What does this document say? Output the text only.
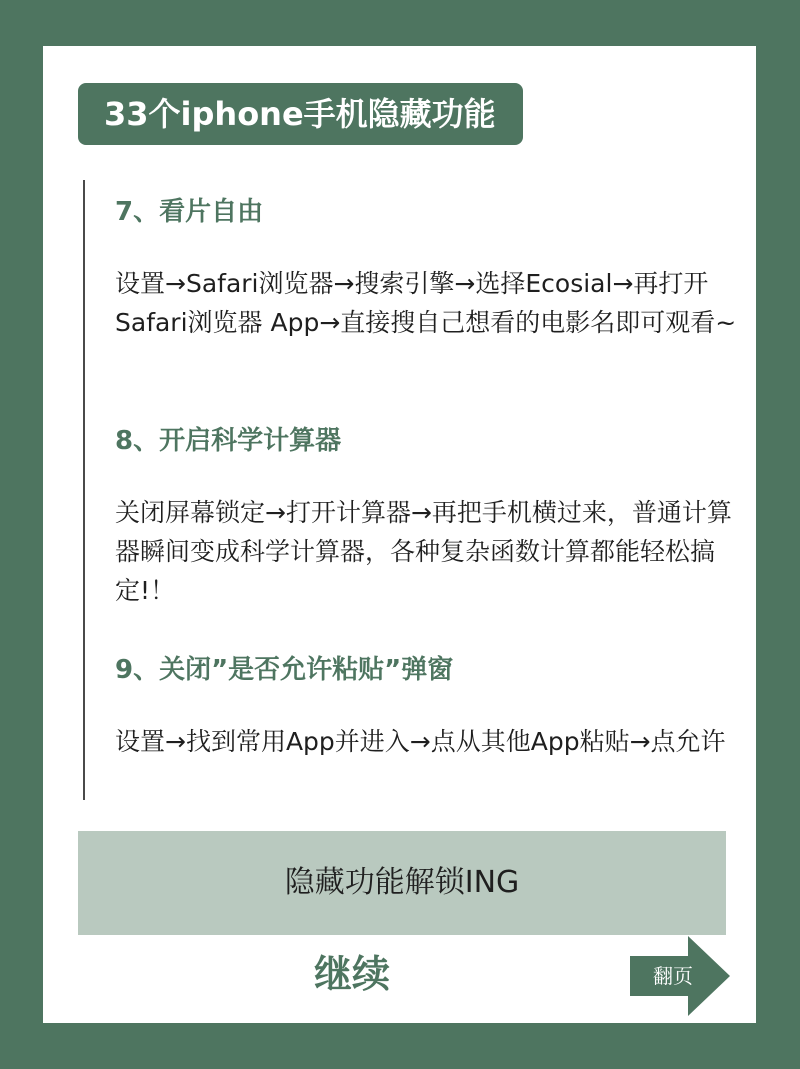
33个iphone手机隐藏功能

7、看片自由

设置→Safari浏览器→搜索引擎→选择Ecosial→再打开Safari浏览器 App→直接搜自己想看的电影名即可观看~

8、开启科学计算器

关闭屏幕锁定→打开计算器→再把手机横过来，普通计算器瞬间变成科学计算器，各种复杂函数计算都能轻松搞定!！

9、关闭”是否允许粘贴”弹窗

设置→找到常用App并进入→点从其他App粘贴→点允许

隐藏功能解锁ING
继续	翻页
